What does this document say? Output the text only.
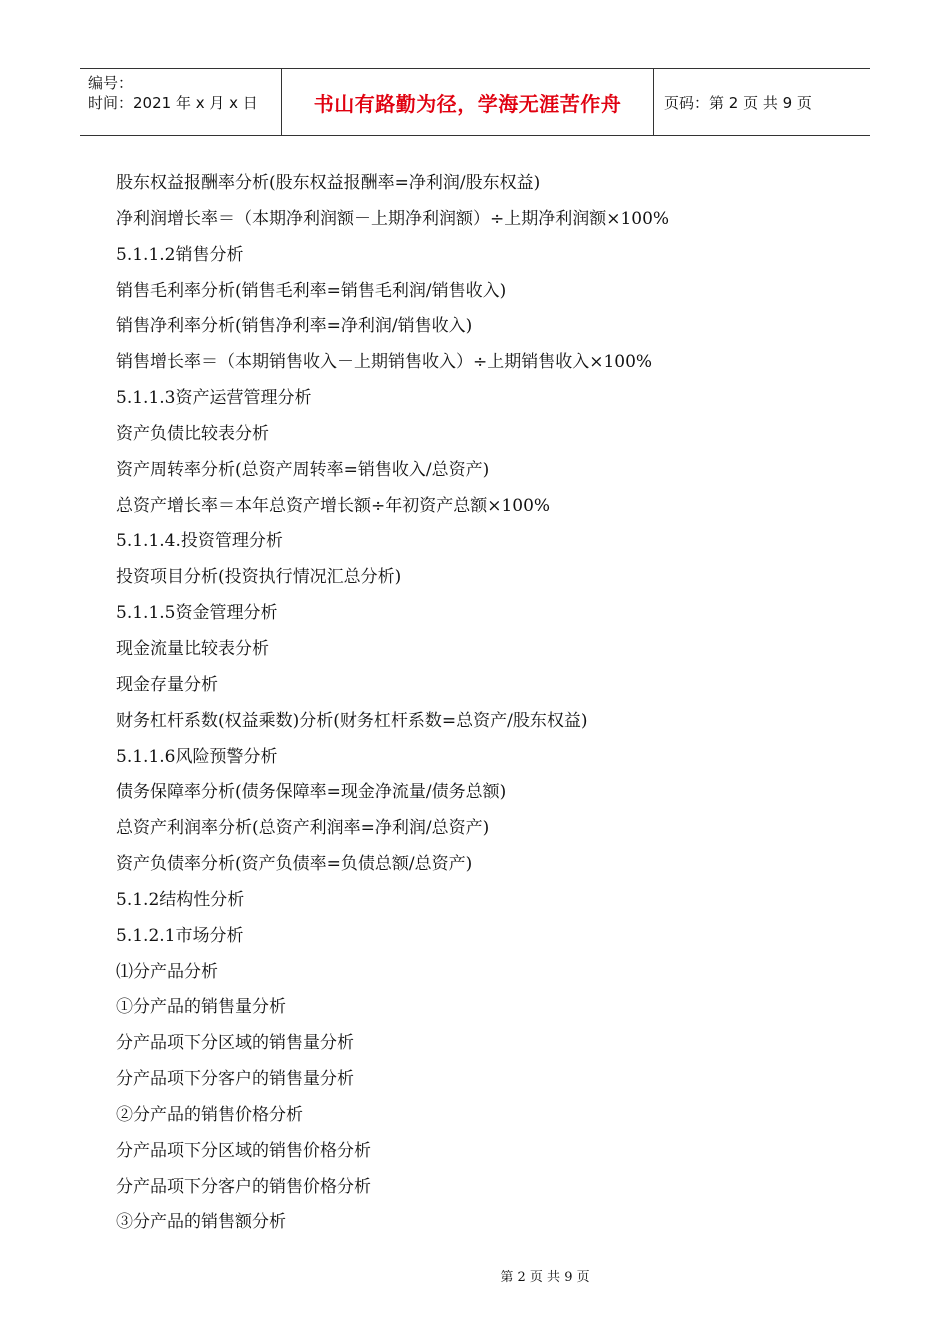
编号：
时间：2021 年 x 月 x 日	书山有路勤为径，学海无涯苦作舟	页码：第 2 页 共 9 页
股东权益报酬率分析(股东权益报酬率=净利润/股东权益)
净利润增长率＝（本期净利润额－上期净利润额）÷上期净利润额×100%
5.1.1.2销售分析
销售毛利率分析(销售毛利率=销售毛利润/销售收入)
销售净利率分析(销售净利率=净利润/销售收入)
销售增长率＝（本期销售收入－上期销售收入）÷上期销售收入×100%
5.1.1.3资产运营管理分析
资产负债比较表分析
资产周转率分析(总资产周转率=销售收入/总资产)
总资产增长率＝本年总资产增长额÷年初资产总额×100%
5.1.1.4.投资管理分析
投资项目分析(投资执行情况汇总分析)
5.1.1.5资金管理分析
现金流量比较表分析
现金存量分析
财务杠杆系数(权益乘数)分析(财务杠杆系数=总资产/股东权益)
5.1.1.6风险预警分析
债务保障率分析(债务保障率=现金净流量/债务总额)
总资产利润率分析(总资产利润率=净利润/总资产)
资产负债率分析(资产负债率=负债总额/总资产)
5.1.2结构性分析
5.1.2.1市场分析
⑴分产品分析
①分产品的销售量分析
分产品项下分区域的销售量分析
分产品项下分客户的销售量分析
②分产品的销售价格分析
分产品项下分区域的销售价格分析
分产品项下分客户的销售价格分析
③分产品的销售额分析
第 2 页 共 9 页
